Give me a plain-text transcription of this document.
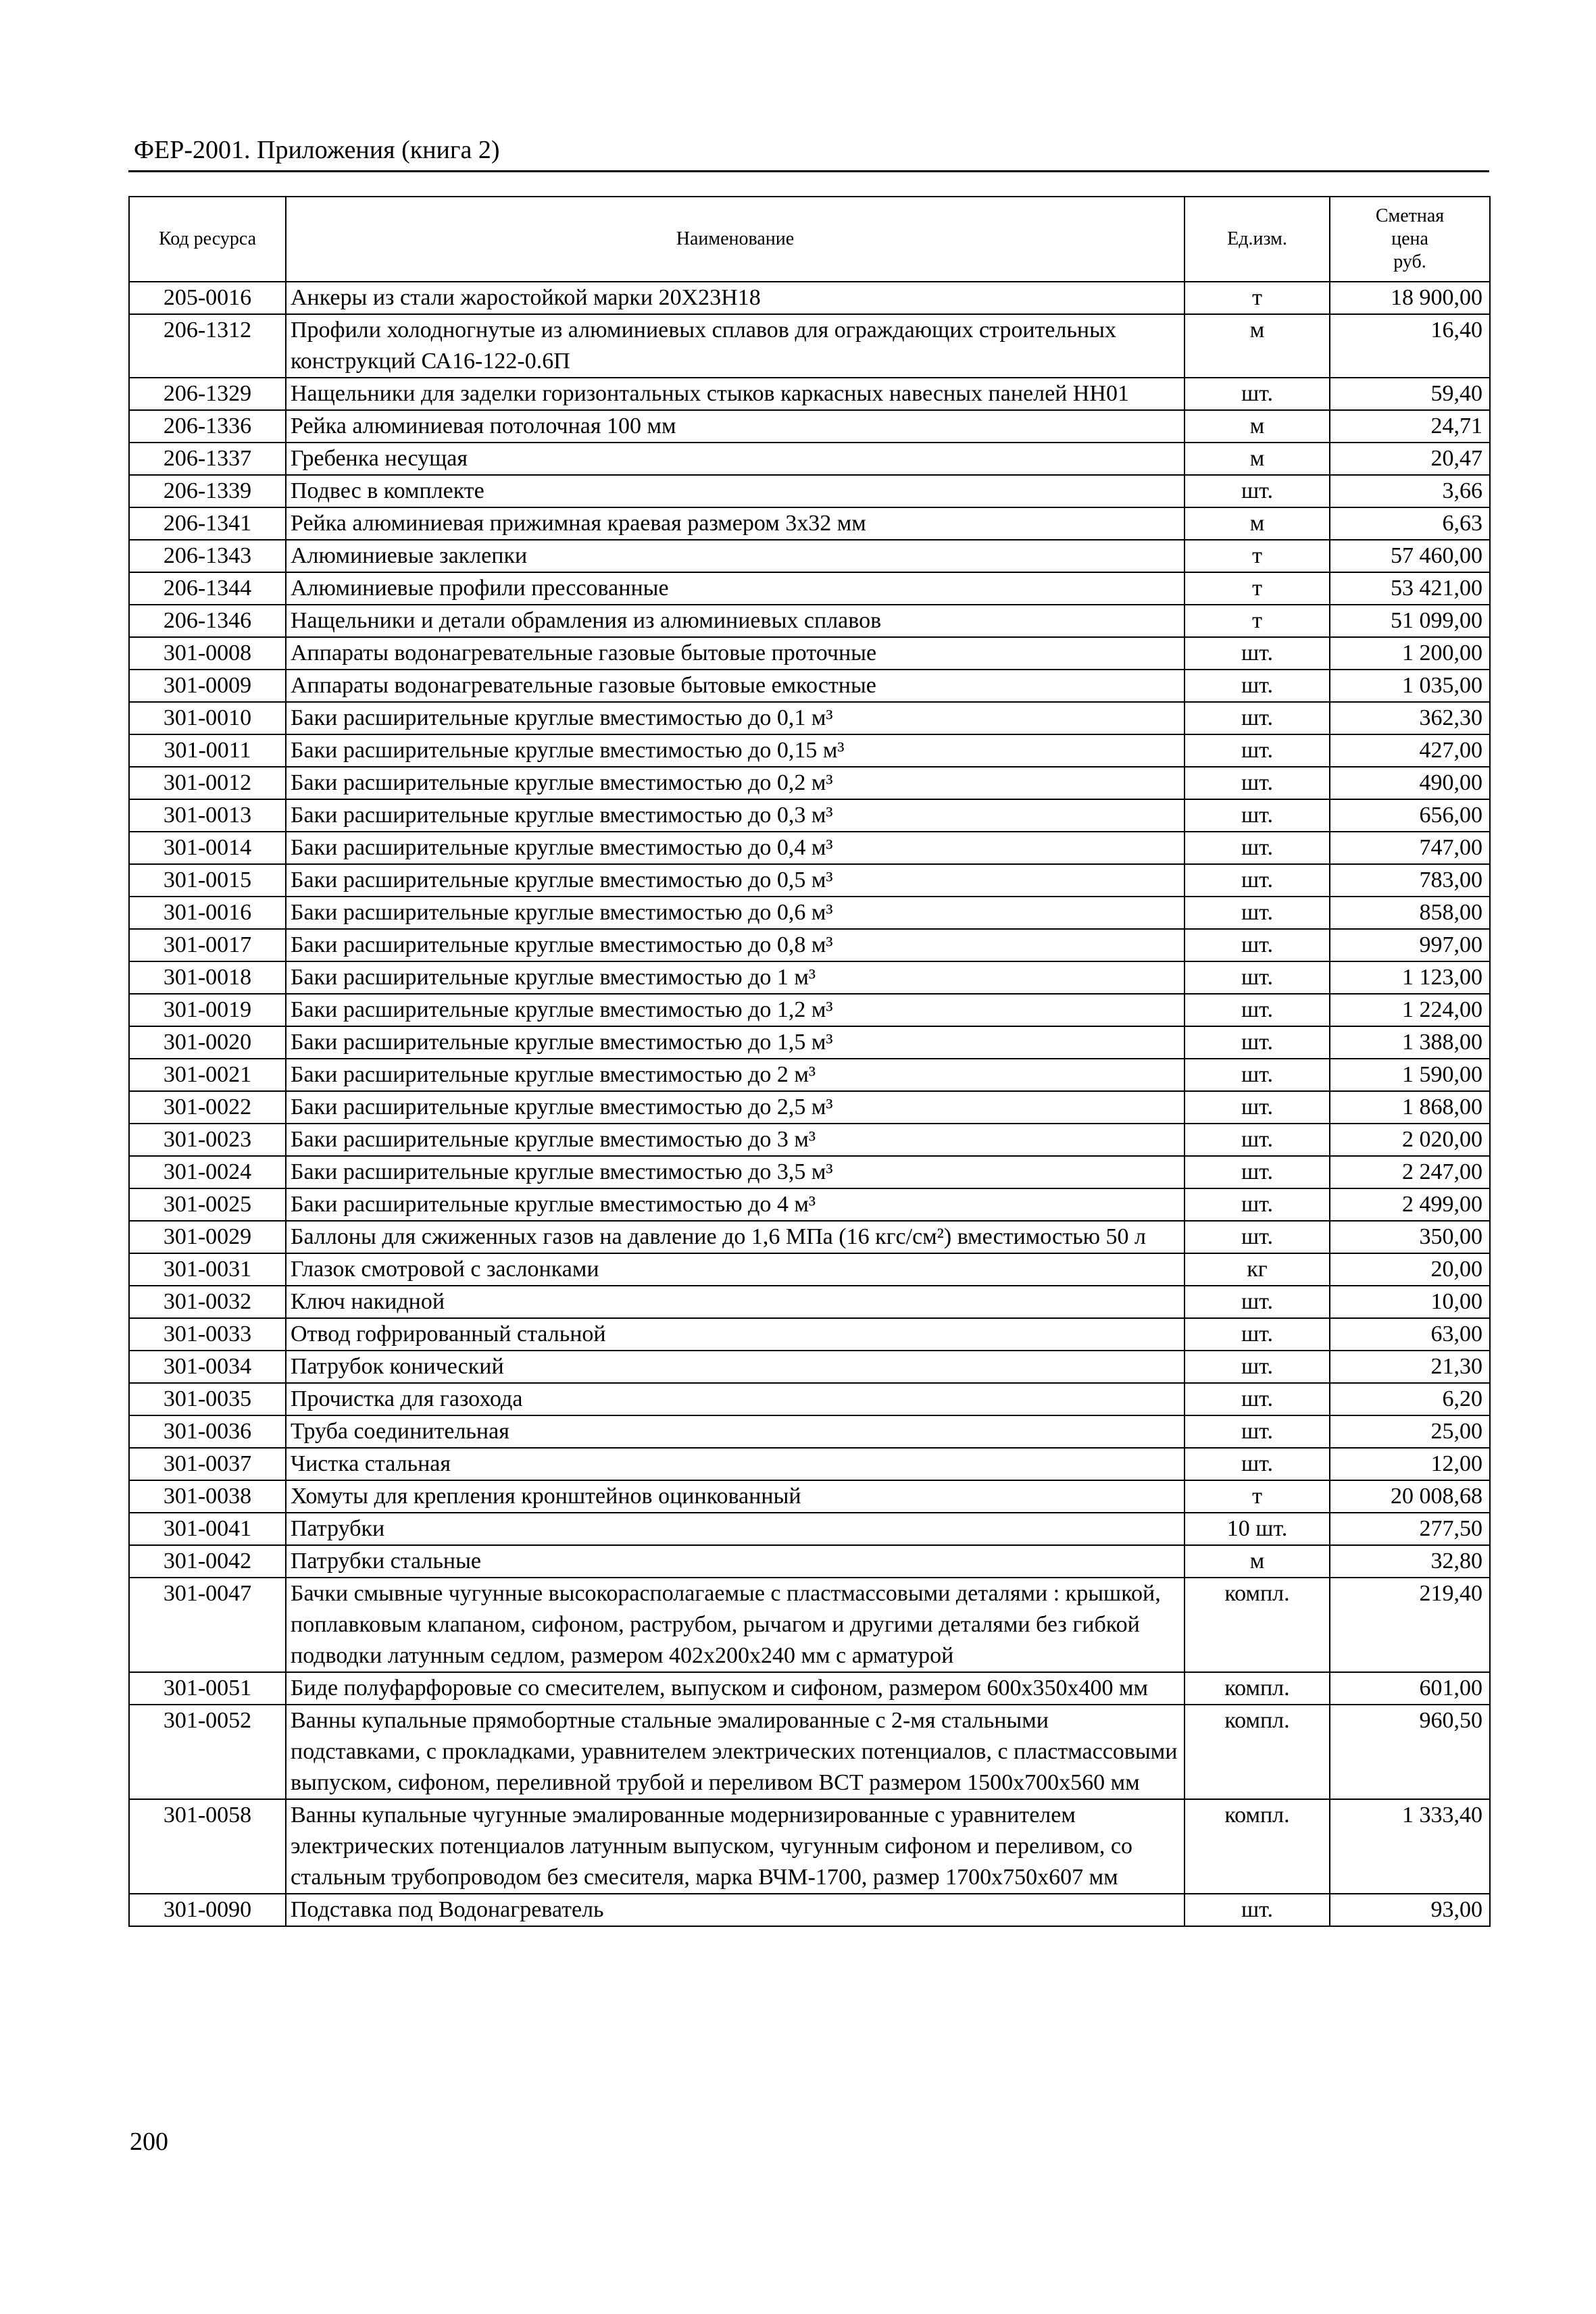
ФЕР-2001. Приложения (книга 2)
Код ресурса	Наименование	Ед.изм.	Сметная
цена
руб.

205-0016	Анкеры из стали жаростойкой марки 20Х23Н18	т	18 900,00
206-1312	Профили холодногнутые из алюминиевых сплавов для ограждающих строительных конструкций СА16-122-0.6П	м	16,40
206-1329	Нащельники для заделки горизонтальных стыков каркасных навесных панелей НН01	шт.	59,40
206-1336	Рейка алюминиевая потолочная 100 мм	м	24,71
206-1337	Гребенка несущая	м	20,47
206-1339	Подвес в комплекте	шт.	3,66
206-1341	Рейка алюминиевая прижимная краевая размером 3х32 мм	м	6,63
206-1343	Алюминиевые заклепки	т	57 460,00
206-1344	Алюминиевые профили прессованные	т	53 421,00
206-1346	Нащельники и детали обрамления из алюминиевых сплавов	т	51 099,00
301-0008	Аппараты водонагревательные газовые бытовые проточные	шт.	1 200,00
301-0009	Аппараты водонагревательные газовые бытовые емкостные	шт.	1 035,00
301-0010	Баки расширительные круглые вместимостью до 0,1 м³	шт.	362,30
301-0011	Баки расширительные круглые вместимостью до 0,15 м³	шт.	427,00
301-0012	Баки расширительные круглые вместимостью до 0,2 м³	шт.	490,00
301-0013	Баки расширительные круглые вместимостью до 0,3 м³	шт.	656,00
301-0014	Баки расширительные круглые вместимостью до 0,4 м³	шт.	747,00
301-0015	Баки расширительные круглые вместимостью до 0,5 м³	шт.	783,00
301-0016	Баки расширительные круглые вместимостью до 0,6 м³	шт.	858,00
301-0017	Баки расширительные круглые вместимостью до 0,8 м³	шт.	997,00
301-0018	Баки расширительные круглые вместимостью до 1 м³	шт.	1 123,00
301-0019	Баки расширительные круглые вместимостью до 1,2 м³	шт.	1 224,00
301-0020	Баки расширительные круглые вместимостью до 1,5 м³	шт.	1 388,00
301-0021	Баки расширительные круглые вместимостью до 2 м³	шт.	1 590,00
301-0022	Баки расширительные круглые вместимостью до 2,5 м³	шт.	1 868,00
301-0023	Баки расширительные круглые вместимостью до 3 м³	шт.	2 020,00
301-0024	Баки расширительные круглые вместимостью до 3,5 м³	шт.	2 247,00
301-0025	Баки расширительные круглые вместимостью до 4 м³	шт.	2 499,00
301-0029	Баллоны для сжиженных газов на давление до 1,6 МПа (16 кгс/см²) вместимостью 50 л	шт.	350,00
301-0031	Глазок смотровой с заслонками	кг	20,00
301-0032	Ключ накидной	шт.	10,00
301-0033	Отвод гофрированный стальной	шт.	63,00
301-0034	Патрубок конический	шт.	21,30
301-0035	Прочистка для газохода	шт.	6,20
301-0036	Труба соединительная	шт.	25,00
301-0037	Чистка стальная	шт.	12,00
301-0038	Хомуты для крепления кронштейнов оцинкованный	т	20 008,68
301-0041	Патрубки	10 шт.	277,50
301-0042	Патрубки стальные	м	32,80
301-0047	Бачки смывные чугунные высокорасполагаемые с пластмассовыми деталями : крышкой, поплавковым клапаном, сифоном, раструбом, рычагом и другими деталями без гибкой подводки латунным седлом, размером 402х200х240 мм с арматурой	компл.	219,40
301-0051	Биде полуфарфоровые со смесителем, выпуском и сифоном, размером 600х350х400 мм	компл.	601,00
301-0052	Ванны купальные прямобортные стальные эмалированные с 2-мя стальными подставками, с прокладками, уравнителем электрических потенциалов, с пластмассовыми выпуском, сифоном, переливной трубой и переливом ВСТ размером 1500х700х560 мм	компл.	960,50
301-0058	Ванны купальные чугунные эмалированные модернизированные с уравнителем электрических потенциалов латунным выпуском, чугунным сифоном и переливом, со стальным трубопроводом без смесителя, марка ВЧМ-1700, размер 1700х750х607 мм	компл.	1 333,40
301-0090	Подставка под Водонагреватель	шт.	93,00
200
